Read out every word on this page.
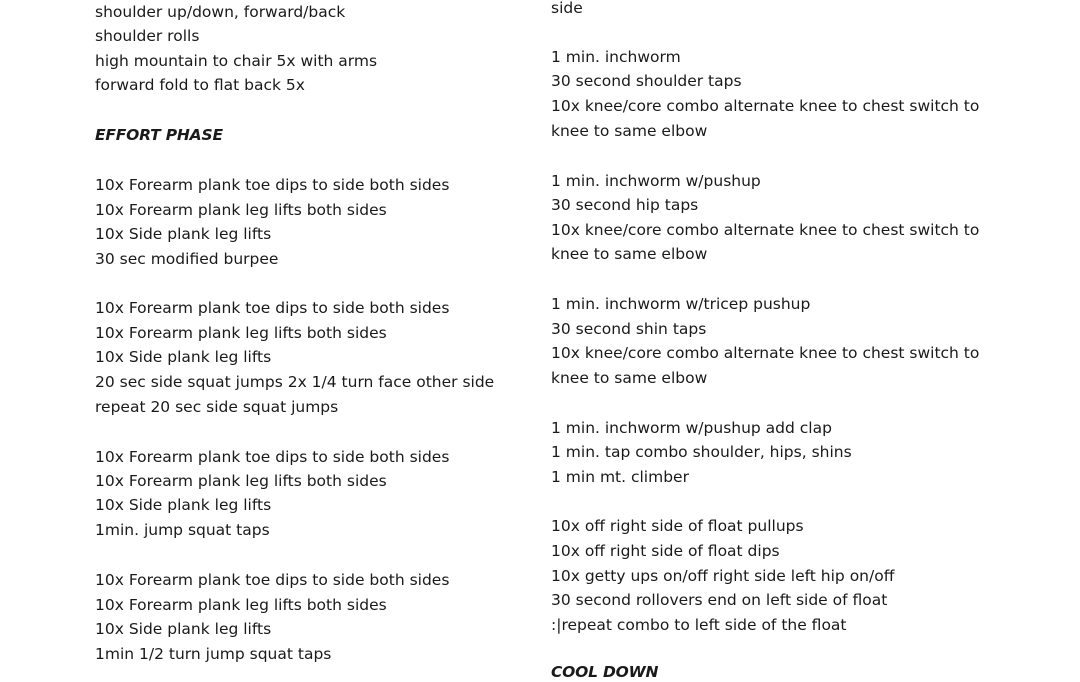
shoulder up/down, forward/back
shoulder rolls
high mountain to chair 5x with arms
forward fold to flat back 5x
EFFORT PHASE
10x Forearm plank toe dips to side both sides
10x Forearm plank leg lifts both sides
10x Side plank leg lifts
30 sec modified burpee
10x Forearm plank toe dips to side both sides
10x Forearm plank leg lifts both sides
10x Side plank leg lifts
20 sec side squat jumps 2x 1/4 turn face other side
repeat 20 sec side squat jumps
10x Forearm plank toe dips to side both sides
10x Forearm plank leg lifts both sides
10x Side plank leg lifts
1min. jump squat taps
10x Forearm plank toe dips to side both sides
10x Forearm plank leg lifts both sides
10x Side plank leg lifts
1min 1/2 turn jump squat taps
side
1 min. inchworm
30 second shoulder taps
10x knee/core combo alternate knee to chest switch to
knee to same elbow
1 min. inchworm w/pushup
30 second hip taps
10x knee/core combo alternate knee to chest switch to
knee to same elbow
1 min. inchworm w/tricep pushup
30 second shin taps
10x knee/core combo alternate knee to chest switch to
knee to same elbow
1 min. inchworm w/pushup add clap
1 min. tap combo shoulder, hips, shins
1 min mt. climber
10x off right side of float pullups
10x off right side of float dips
10x getty ups on/off right side left hip on/off
30 second rollovers end on left side of float
:|repeat combo to left side of the float
COOL DOWN
